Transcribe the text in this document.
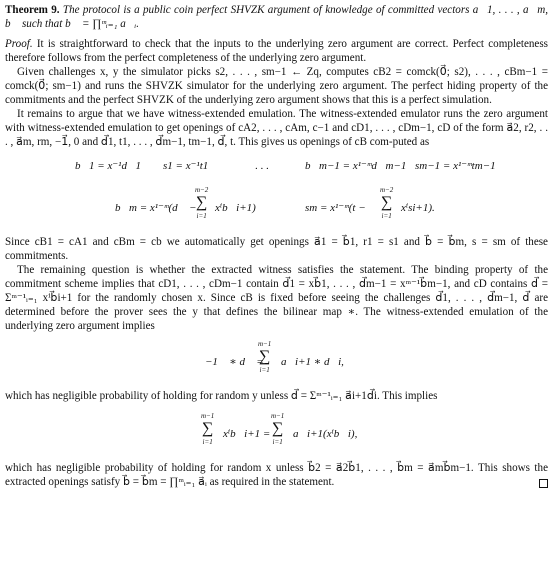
Theorem 9. The protocol is a public coin perfect SHVZK argument of knowledge of committed vectors a⃗1, . . . , a⃗m, b⃗ such that b⃗ = ∏ᵐᵢ₌₁ a⃗ᵢ.

Proof. It is straightforward to check that the inputs to the underlying zero argument are correct. Perfect completeness therefore follows from the perfect completeness of the underlying zero argument.

Given challenges x, y the simulator picks s2, . . . , sm−1 ← Zq, computes cB2 = comck(0⃗; s2), . . . , cBm−1 = comck(0⃗; sm−1) and runs the SHVZK simulator for the underlying zero argument. The perfect hiding property of the commitments and the perfect SHVZK of the underlying zero argument shows that this is a perfect simulation.

It remains to argue that we have witness-extended emulation. The witness-extended emulator runs the zero argument with witness-extended emulation to get openings of cA2, . . . , cAm, c−1 and cD1, . . . , cDm−1, cD of the form a⃗2, r2, . . . , a⃗m, rm, −1⃗, 0 and d⃗1, t1, . . . , d⃗m−1, tm−1, d⃗, t. This gives us openings of cB com-puted as

b⃗1 = x⁻¹d⃗1 s1 = x⁻¹t1	. . .	b⃗m−1 = x¹⁻ᵐd⃗m−1 sm−1 = x¹⁻ᵐtm−1
b⃗m = x¹⁻ᵐ(d⃗ −
m−2
∑
i=1
xⁱb⃗i+1)	sm = x¹⁻ᵐ(t −
m−2
∑
i=1
xⁱsi+1).

Since cB1 = cA1 and cBm = cb we automatically get openings a⃗1 = b⃗1, r1 = s1 and b⃗ = b⃗m, s = sm of these commitments.

The remaining question is whether the extracted witness satisfies the statement. The binding property of the commitment scheme implies that cD1, . . . , cDm−1 contain d⃗1 = xb⃗1, . . . , d⃗m−1 = xᵐ⁻¹b⃗m−1, and cD contains d⃗ = Σᵐ⁻¹ᵢ₌₁ xⁱb⃗i+1 for the randomly chosen x. Since cB is fixed before seeing the challenges d⃗1, . . . , d⃗m−1, d⃗ are determined before the prover sees the y that defines the bilinear map ∗. The witness-extended emulation of the underlying zero argument implies

−1⃗ ∗ d⃗ =
m−1
∑
i=1
a⃗i+1 ∗ d⃗i,

which has negligible probability of holding for random y unless d⃗ = Σᵐ⁻¹ᵢ₌₁ a⃗i+1d⃗i. This implies

m−1
∑
i=1
xⁱb⃗i+1 =
m−1
∑
i=1
a⃗i+1(xⁱb⃗i),

which has negligible probability of holding for random x unless b⃗2 = a⃗2b⃗1, . . . , b⃗m = a⃗mb⃗m−1. This shows the extracted openings satisfy b⃗ = b⃗m = ∏ᵐᵢ₌₁ a⃗ᵢ as required in the statement.
